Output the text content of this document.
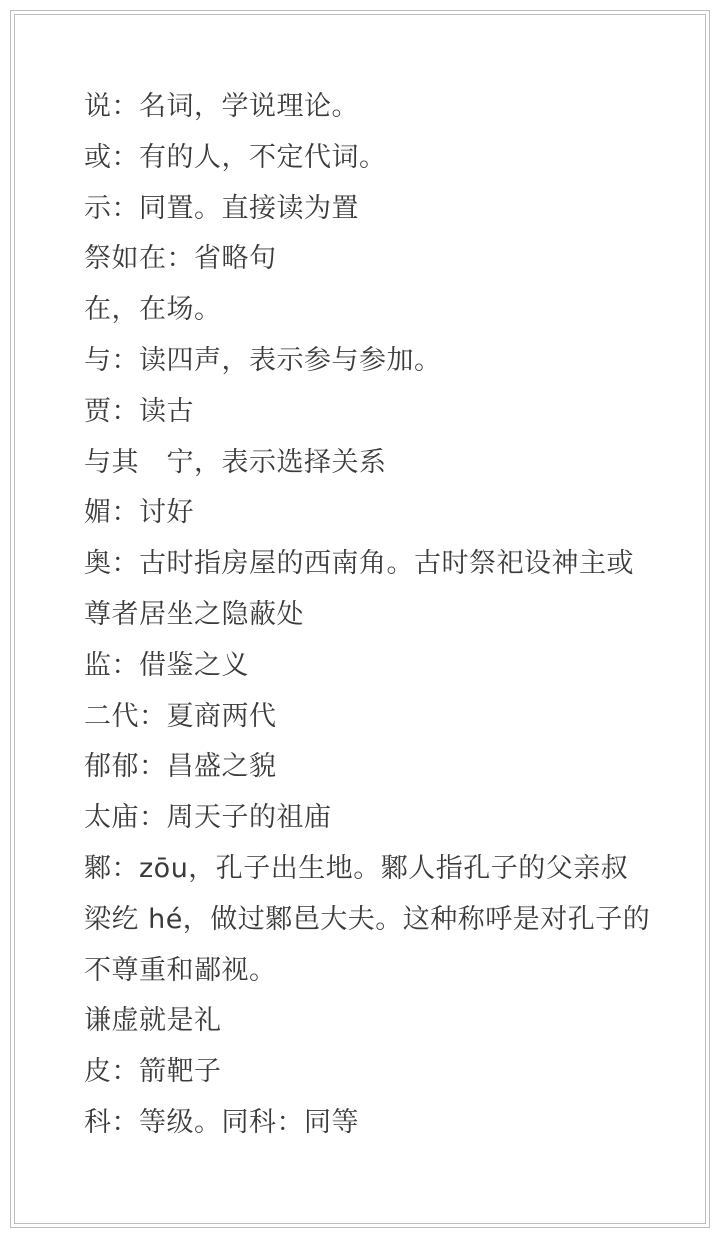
说：名词，学说理论。

或：有的人，不定代词。

示：同置。直接读为置

祭如在：省略句

在，在场。

与：读四声，表示参与参加。

贾：读古

与其　宁，表示选择关系

媚：讨好

奥：古时指房屋的西南角。古时祭祀设神主或尊者居坐之隐蔽处

监：借鉴之义

二代：夏商两代

郁郁：昌盛之貌

太庙：周天子的祖庙

鄹：zōu，孔子出生地。鄹人指孔子的父亲叔梁纥 hé，做过鄹邑大夫。这种称呼是对孔子的不尊重和鄙视。

谦虚就是礼

皮：箭靶子

科：等级。同科：同等
